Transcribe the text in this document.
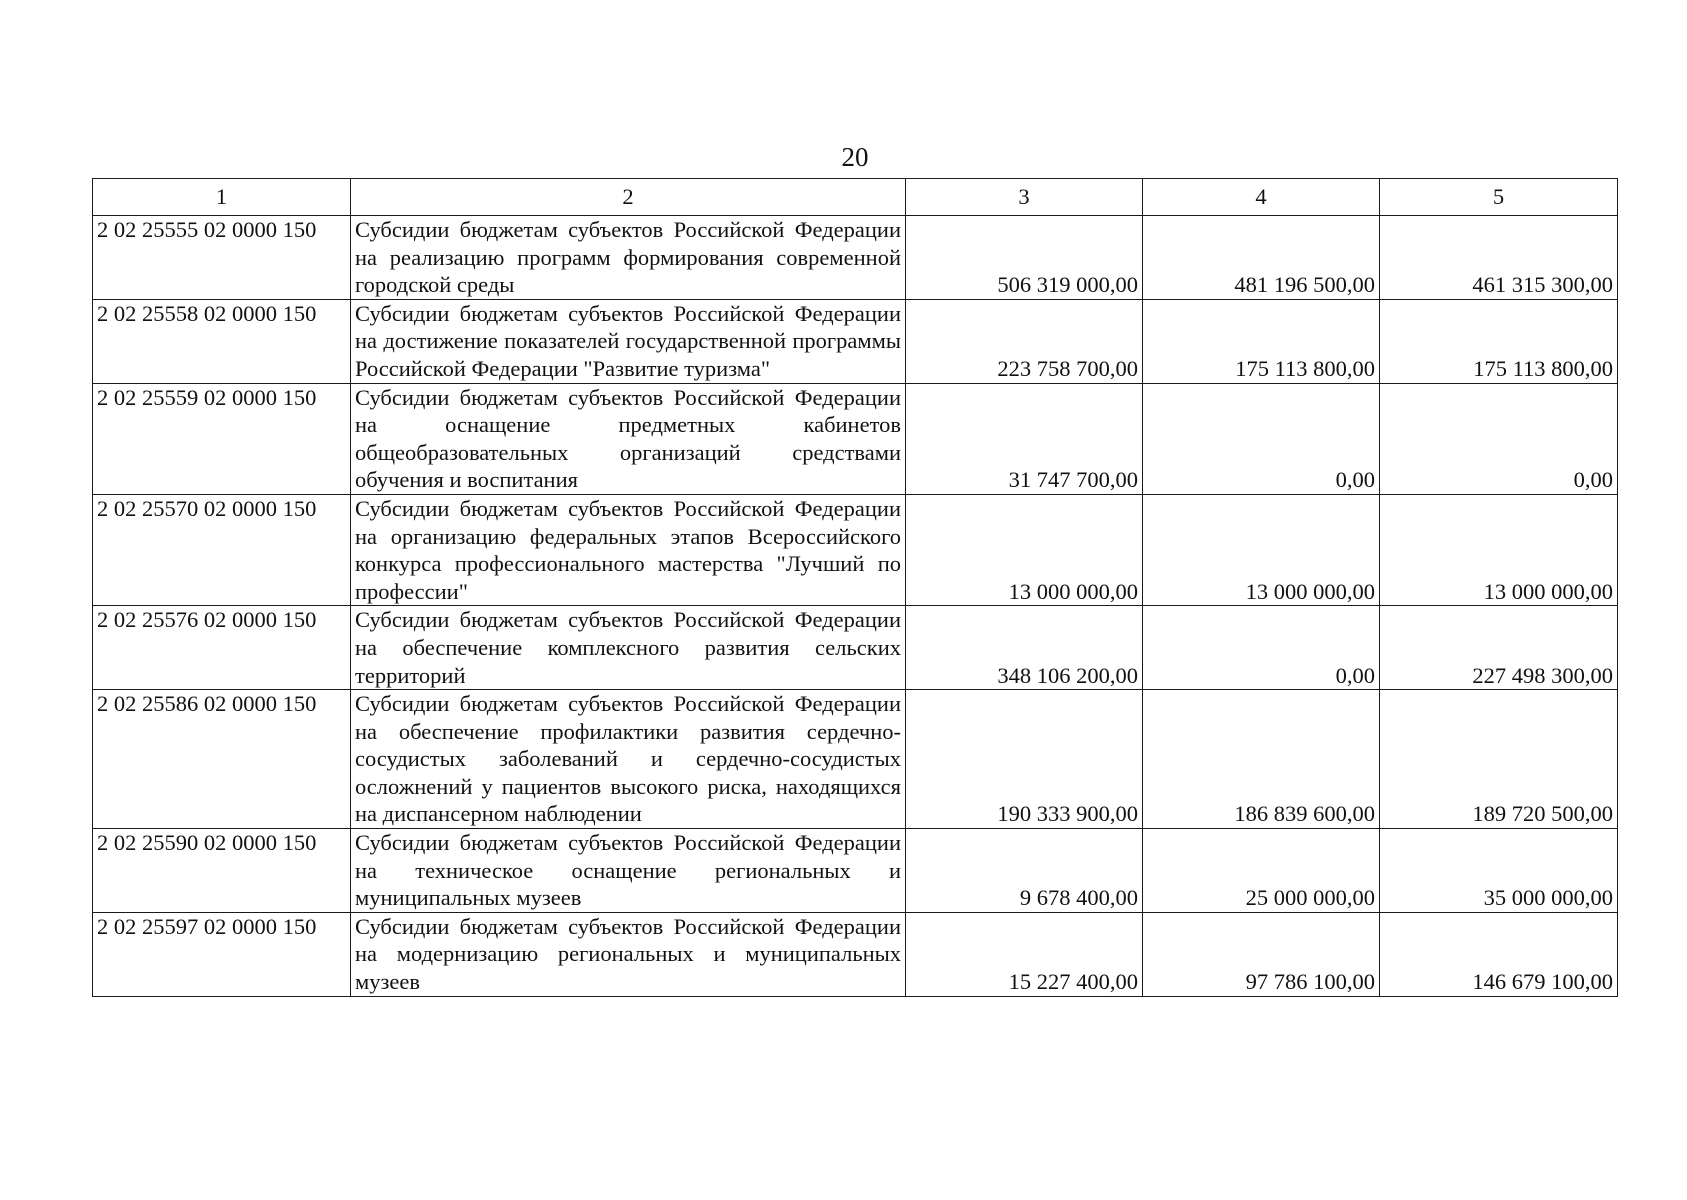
20
1	2	3	4	5
2 02 25555 02 0000 150	Субсидии бюджетам субъектов Российской Федерации на реализацию программ формирования современной городской среды	506 319 000,00	481 196 500,00	461 315 300,00
2 02 25558 02 0000 150	Субсидии бюджетам субъектов Российской Федерации на достижение показателей государственной программы Российской Федерации "Развитие туризма"	223 758 700,00	175 113 800,00	175 113 800,00
2 02 25559 02 0000 150	Субсидии бюджетам субъектов Российской Федерации на оснащение предметных кабинетов общеобразовательных организаций средствами обучения и воспитания	31 747 700,00	0,00	0,00
2 02 25570 02 0000 150	Субсидии бюджетам субъектов Российской Федерации на организацию федеральных этапов Всероссийского конкурса профессионального мастерства "Лучший по профессии"	13 000 000,00	13 000 000,00	13 000 000,00
2 02 25576 02 0000 150	Субсидии бюджетам субъектов Российской Федерации на обеспечение комплексного развития сельских территорий	348 106 200,00	0,00	227 498 300,00
2 02 25586 02 0000 150	Субсидии бюджетам субъектов Российской Федерации на обеспечение профилактики развития сердечно-сосудистых заболеваний и сердечно-сосудистых осложнений у пациентов высокого риска, находящихся на диспансерном наблюдении	190 333 900,00	186 839 600,00	189 720 500,00
2 02 25590 02 0000 150	Субсидии бюджетам субъектов Российской Федерации на техническое оснащение региональных и муниципальных музеев	9 678 400,00	25 000 000,00	35 000 000,00
2 02 25597 02 0000 150	Субсидии бюджетам субъектов Российской Федерации на модернизацию региональных и муниципальных музеев	15 227 400,00	97 786 100,00	146 679 100,00
